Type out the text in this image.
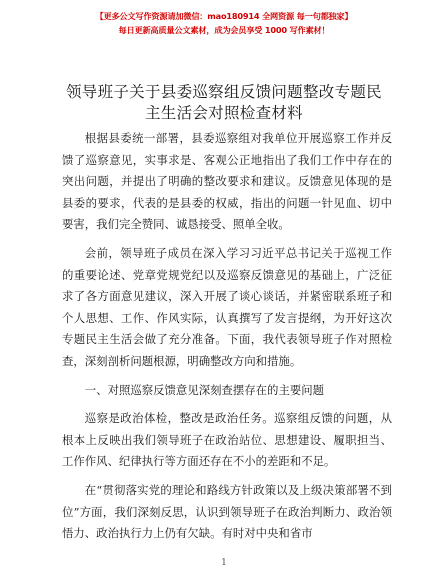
【更多公文写作资源请加微信：mao180914 全网资源 每一句都独家】
每日更新高质量公文素材，成为会员享受 1000 写作素材！
领导班子关于县委巡察组反馈问题整改专题民主生活会对照检查材料

根据县委统一部署，县委巡察组对我单位开展巡察工作并反馈了巡察意见，实事求是、客观公正地指出了我们工作中存在的突出问题，并提出了明确的整改要求和建议。反馈意见体现的是县委的要求，代表的是县委的权威，指出的问题一针见血、切中要害，我们完全赞同、诚恳接受、照单全收。

会前，领导班子成员在深入学习习近平总书记关于巡视工作的重要论述、党章党规党纪以及巡察反馈意见的基础上，广泛征求了各方面意见建议，深入开展了谈心谈话，并紧密联系班子和个人思想、工作、作风实际，认真撰写了发言提纲，为开好这次专题民主生活会做了充分准备。下面，我代表领导班子作对照检查，深刻剖析问题根源，明确整改方向和措施。

一、对照巡察反馈意见深刻查摆存在的主要问题

巡察是政治体检，整改是政治任务。巡察组反馈的问题，从根本上反映出我们领导班子在政治站位、思想建设、履职担当、工作作风、纪律执行等方面还存在不小的差距和不足。

在“贯彻落实党的理论和路线方针政策以及上级决策部署不到位”方面，我们深刻反思，认识到领导班子在政治判断力、政治领悟力、政治执行力上仍有欠缺。有时对中央和省市

1
